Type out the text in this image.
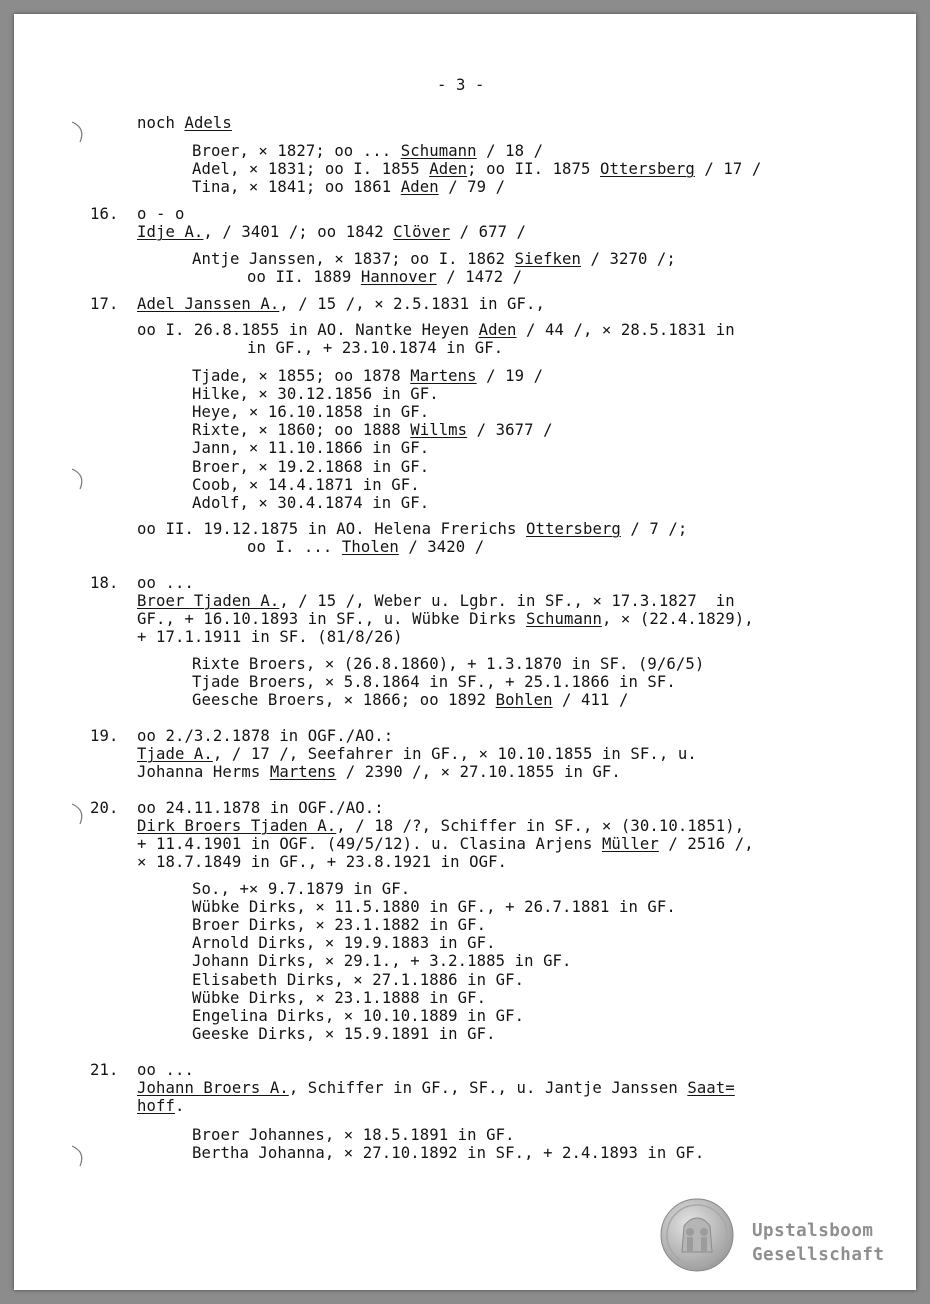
- 3 -
noch Adels
Broer, ⨯ 1827; oo ... Schumann / 18 /
Adel, ⨯ 1831; oo I. 1855 Aden; oo II. 1875 Ottersberg / 17 /
Tina, ⨯ 1841; oo 1861 Aden / 79 /
16. o - o
Idje A., / 3401 /; oo 1842 Clöver / 677 /
Antje Janssen, ⨯ 1837; oo I. 1862 Siefken / 3270 /;
oo II. 1889 Hannover / 1472 /
17. Adel Janssen A., / 15 /, ⨯ 2.5.1831 in GF.,
oo I. 26.8.1855 in AO. Nantke Heyen Aden / 44 /, ⨯ 28.5.1831 in
in GF., + 23.10.1874 in GF.
Tjade, ⨯ 1855; oo 1878 Martens / 19 /
Hilke, ⨯ 30.12.1856 in GF.
Heye, ⨯ 16.10.1858 in GF.
Rixte, ⨯ 1860; oo 1888 Willms / 3677 /
Jann, ⨯ 11.10.1866 in GF.
Broer, ⨯ 19.2.1868 in GF.
Coob, ⨯ 14.4.1871 in GF.
Adolf, ⨯ 30.4.1874 in GF.
oo II. 19.12.1875 in AO. Helena Frerichs Ottersberg / 7 /;
oo I. ... Tholen / 3420 /
18. oo ...
Broer Tjaden A., / 15 /, Weber u. Lgbr. in SF., ⨯ 17.3.1827  in
GF., + 16.10.1893 in SF., u. Wübke Dirks Schumann, ⨯ (22.4.1829),
+ 17.1.1911 in SF. (81/8/26)
Rixte Broers, ⨯ (26.8.1860), + 1.3.1870 in SF. (9/6/5)
Tjade Broers, ⨯ 5.8.1864 in SF., + 25.1.1866 in SF.
Geesche Broers, ⨯ 1866; oo 1892 Bohlen / 411 /
19. oo 2./3.2.1878 in OGF./AO.:
Tjade A., / 17 /, Seefahrer in GF., ⨯ 10.10.1855 in SF., u.
Johanna Herms Martens / 2390 /, ⨯ 27.10.1855 in GF.
20. oo 24.11.1878 in OGF./AO.:
Dirk Broers Tjaden A., / 18 /?, Schiffer in SF., ⨯ (30.10.1851),
+ 11.4.1901 in OGF. (49/5/12). u. Clasina Arjens Müller / 2516 /,
⨯ 18.7.1849 in GF., + 23.8.1921 in OGF.
So., +⨯ 9.7.1879 in GF.
Wübke Dirks, ⨯ 11.5.1880 in GF., + 26.7.1881 in GF.
Broer Dirks, ⨯ 23.1.1882 in GF.
Arnold Dirks, ⨯ 19.9.1883 in GF.
Johann Dirks, ⨯ 29.1., + 3.2.1885 in GF.
Elisabeth Dirks, ⨯ 27.1.1886 in GF.
Wübke Dirks, ⨯ 23.1.1888 in GF.
Engelina Dirks, ⨯ 10.10.1889 in GF.
Geeske Dirks, ⨯ 15.9.1891 in GF.
21. oo ...
Johann Broers A., Schiffer in GF., SF., u. Jantje Janssen Saat=
hoff.
Broer Johannes, ⨯ 18.5.1891 in GF.
Bertha Johanna, ⨯ 27.10.1892 in SF., + 2.4.1893 in GF.
Upstalsboom
Gesellschaft
